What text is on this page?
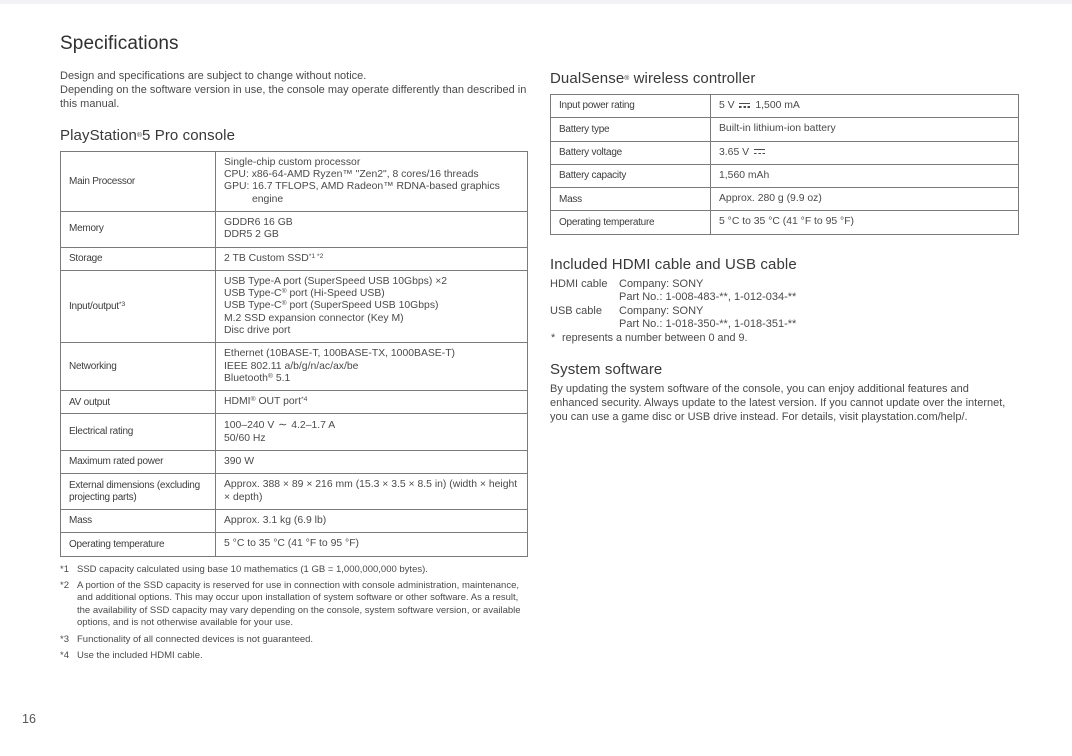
Specifications
Design and specifications are subject to change without notice.
Depending on the software version in use, the console may operate differently than described in this manual.
PlayStation®5 Pro console
Main Processor	Single-chip custom processor
CPU: x86-64-AMD Ryzen™ "Zen2", 8 cores/16 threads
GPU: 16.7 TFLOPS, AMD Radeon™ RDNA-based graphics
engine

Memory	GDDR6 16 GB
DDR5 2 GB

Storage	2 TB Custom $SSD^{*1 *2}$

Input/output$^{*3}$	USB Type-A port (SuperSpeed USB 10Gbps) ×2
USB Type-C® port (Hi-Speed USB)
USB Type-C® port (SuperSpeed USB 10Gbps)
M.2 SSD expansion connector (Key M)
Disc drive port

Networking	Ethernet (10BASE-T, 100BASE-TX, 1000BASE-T)
IEEE 802.11 a/b/g/n/ac/ax/be
Bluetooth® 5.1

AV output	HDMI® OUT port$^{*4}$

Electrical rating	100–240 V ∼ 4.2–1.7 A
50/60 Hz

Maximum rated power	390 W

External dimensions (excluding projecting parts)	Approx. 388 × 89 × 216 mm (15.3 × 3.5 × 8.5 in) (width × height × depth)

Mass	Approx. 3.1 kg (6.9 lb)

Operating temperature	5 °C to 35 °C (41 °F to 95 °F)
*1 SSD capacity calculated using base 10 mathematics (1 GB = 1,000,000,000 bytes).
*2 A portion of the SSD capacity is reserved for use in connection with console administration, maintenance, and additional options. This may occur upon installation of system software or other software. As a result, the availability of SSD capacity may vary depending on the console, system software version, or available options, and is not otherwise available for your use.
*3 Functionality of all connected devices is not guaranteed.
*4 Use the included HDMI cable.
DualSense® wireless controller
Input power rating	5 V  1,500 mA

Battery type	Built-in lithium-ion battery

Battery voltage	3.65 V

Battery capacity	1,560 mAh

Mass	Approx. 280 g (9.9 oz)

Operating temperature	5 °C to 35 °C (41 °F to 95 °F)
Included HDMI cable and USB cable
HDMI cable	Company: SONY
Part No.: 1-008-483-**, 1-012-034-**
USB cable	Company: SONY
Part No.: 1-018-350-**, 1-018-351-**
* represents a number between 0 and 9.
System software

By updating the system software of the console, you can enjoy additional features and enhanced security. Always update to the latest version. If you cannot update over the internet, you can use a game disc or USB drive instead. For details, visit playstation.com/help/.

16
